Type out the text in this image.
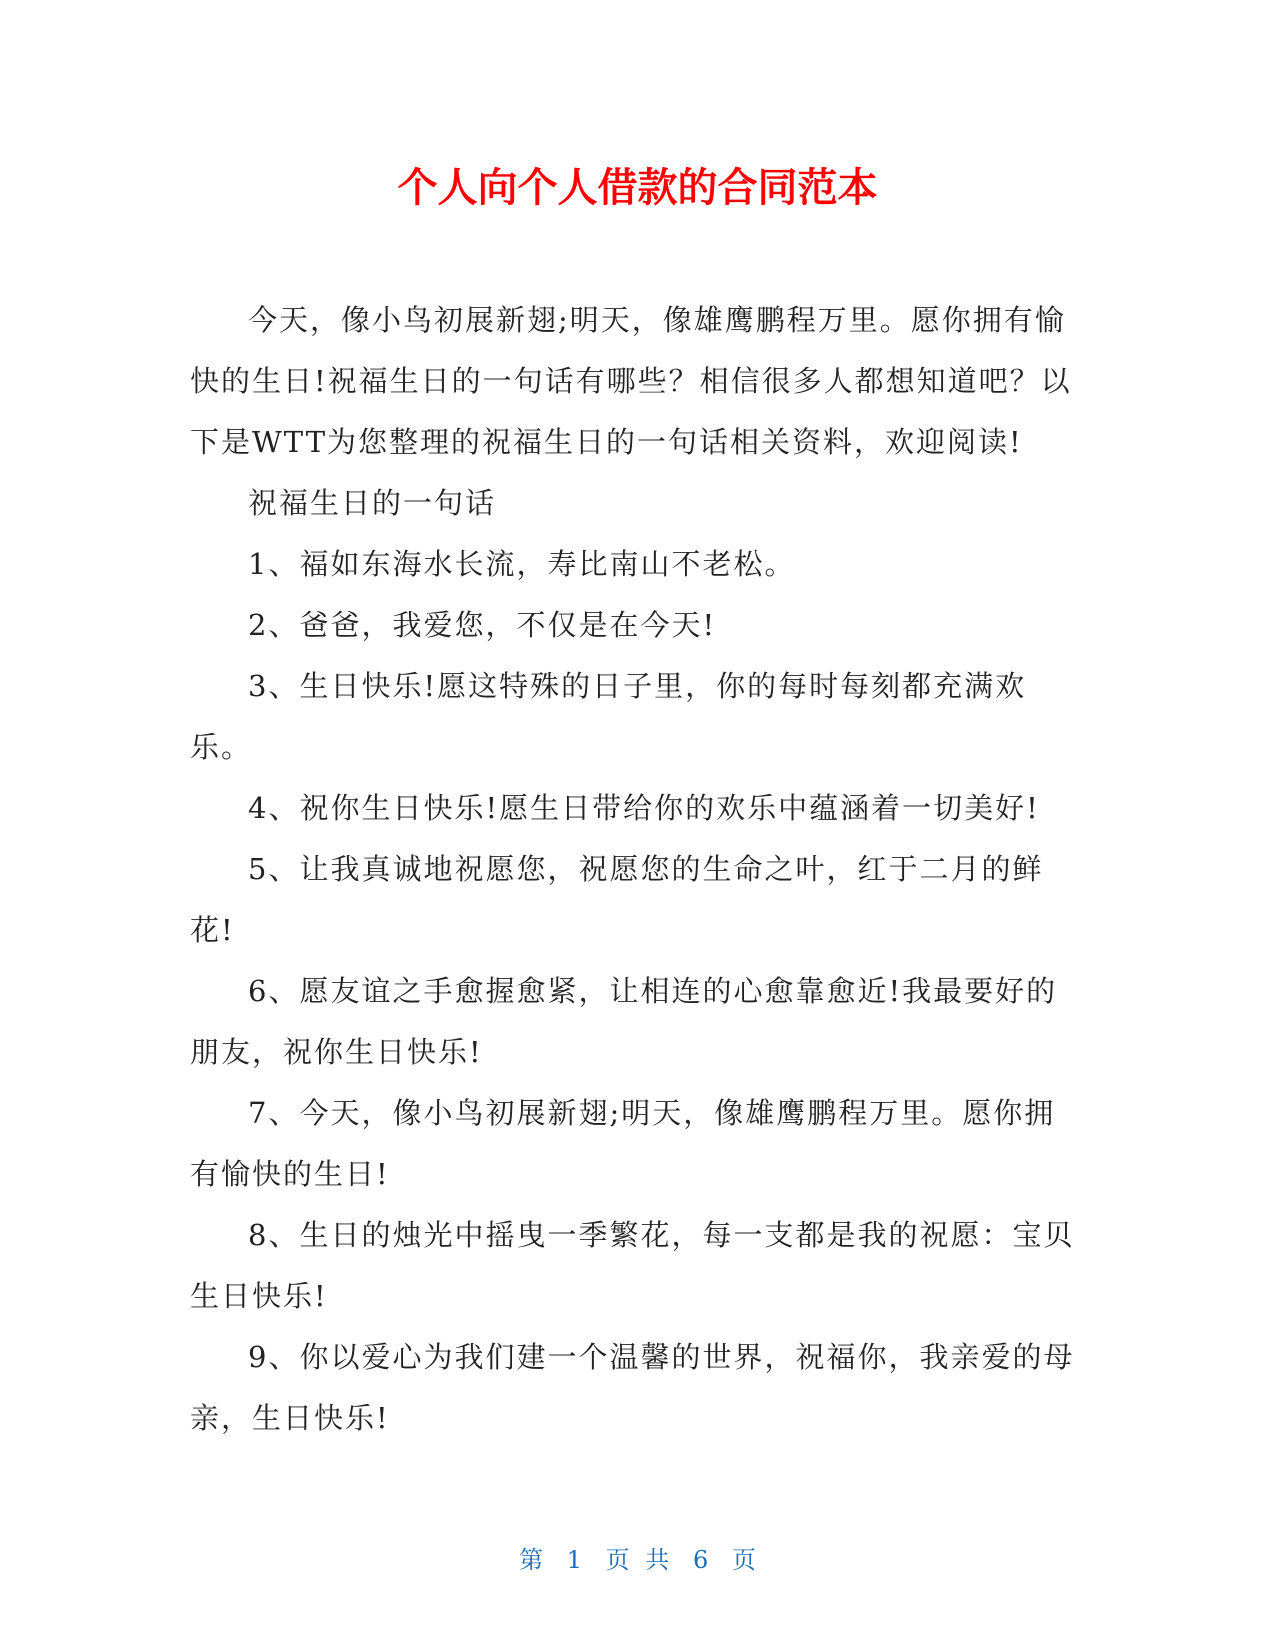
个人向个人借款的合同范本

今天，像小鸟初展新翅;明天，像雄鹰鹏程万里。愿你拥有愉快的生日!祝福生日的一句话有哪些？相信很多人都想知道吧？以下是WTT为您整理的祝福生日的一句话相关资料，欢迎阅读!

祝福生日的一句话

1、福如东海水长流，寿比南山不老松。

2、爸爸，我爱您，不仅是在今天!

3、生日快乐!愿这特殊的日子里，你的每时每刻都充满欢乐。

4、祝你生日快乐!愿生日带给你的欢乐中蕴涵着一切美好!

5、让我真诚地祝愿您，祝愿您的生命之叶，红于二月的鲜花!

6、愿友谊之手愈握愈紧，让相连的心愈靠愈近!我最要好的朋友，祝你生日快乐!

7、今天，像小鸟初展新翅;明天，像雄鹰鹏程万里。愿你拥有愉快的生日!

8、生日的烛光中摇曳一季繁花，每一支都是我的祝愿：宝贝生日快乐!

9、你以爱心为我们建一个温馨的世界，祝福你，我亲爱的母亲，生日快乐!

第 1 页 共 6 页
